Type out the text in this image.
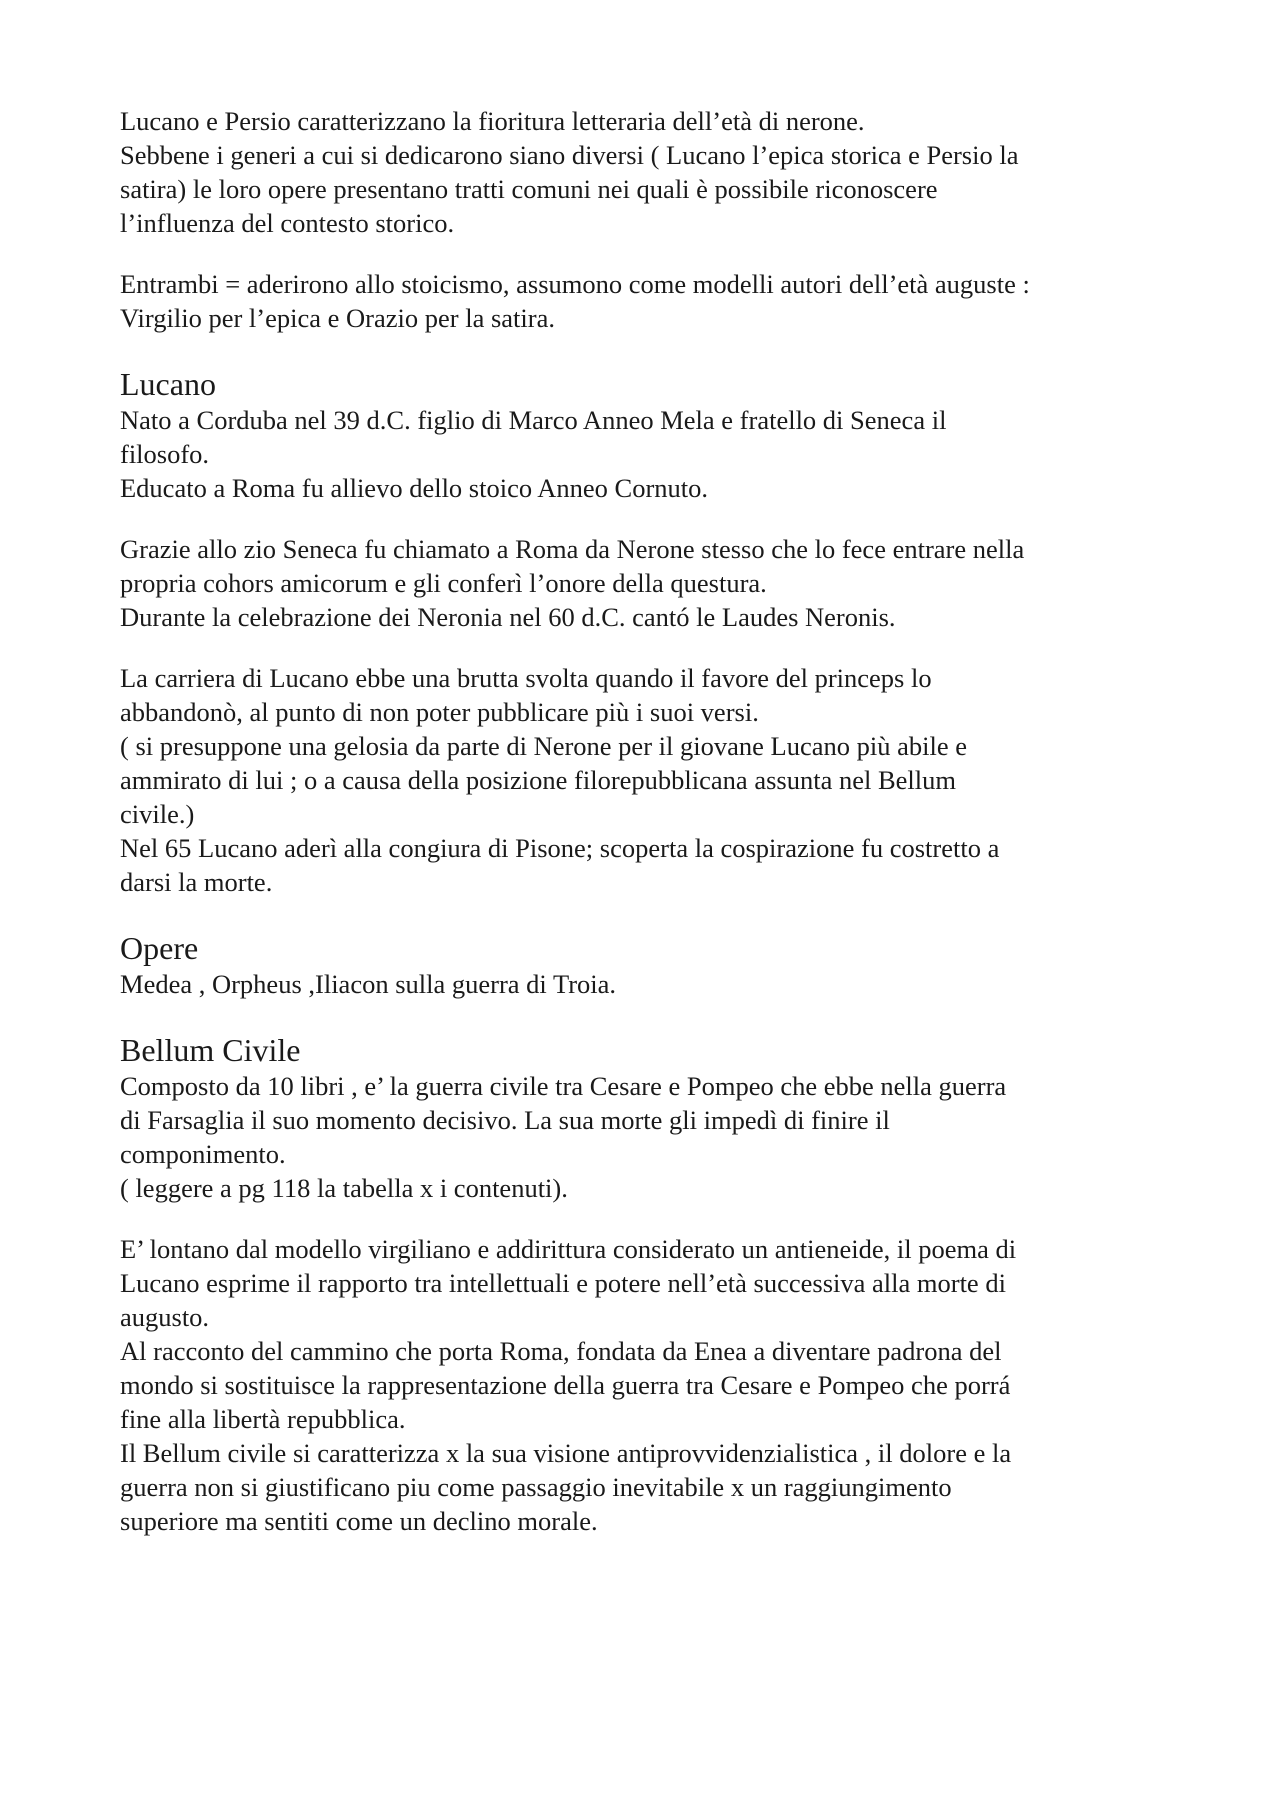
Lucano e Persio caratterizzano la fioritura letteraria dell’età di nerone.
Sebbene i generi a cui si dedicarono siano diversi ( Lucano l’epica storica e Persio la
satira) le loro opere presentano tratti comuni nei quali è possibile riconoscere
l’influenza del contesto storico.
Entrambi = aderirono allo stoicismo, assumono come modelli autori dell’età auguste :
Virgilio per l’epica e Orazio per la satira.
Lucano
Nato a Corduba nel 39 d.C. figlio di Marco Anneo Mela e fratello di Seneca il
filosofo.
Educato a Roma fu allievo dello stoico Anneo Cornuto.
Grazie allo zio Seneca fu chiamato a Roma da Nerone stesso che lo fece entrare nella
propria cohors amicorum e gli conferì l’onore della questura.
Durante la celebrazione dei Neronia nel 60 d.C. cantó le Laudes Neronis.
La carriera di Lucano ebbe una brutta svolta quando il favore del princeps lo
abbandonò, al punto di non poter pubblicare più i suoi versi.
( si presuppone una gelosia da parte di Nerone per il giovane Lucano più abile e
ammirato di lui ; o a causa della posizione filorepubblicana assunta nel Bellum
civile.)
Nel 65 Lucano aderì alla congiura di Pisone; scoperta la cospirazione fu costretto a
darsi la morte.
Opere
Medea , Orpheus ,Iliacon sulla guerra di Troia.
Bellum Civile
Composto da 10 libri , e’ la guerra civile tra Cesare e Pompeo che ebbe nella guerra
di Farsaglia il suo momento decisivo. La sua morte gli impedì di finire il
componimento.
( leggere a pg 118 la tabella x i contenuti).
E’ lontano dal modello virgiliano e addirittura considerato un antieneide, il poema di
Lucano esprime il rapporto tra intellettuali e potere nell’età successiva alla morte di
augusto.
Al racconto del cammino che porta Roma, fondata da Enea a diventare padrona del
mondo si sostituisce la rappresentazione della guerra tra Cesare e Pompeo che porrá
fine alla libertà repubblica.
Il Bellum civile si caratterizza x la sua visione antiprovvidenzialistica , il dolore e la
guerra non si giustificano piu come passaggio inevitabile x un raggiungimento
superiore ma sentiti come un declino morale.
